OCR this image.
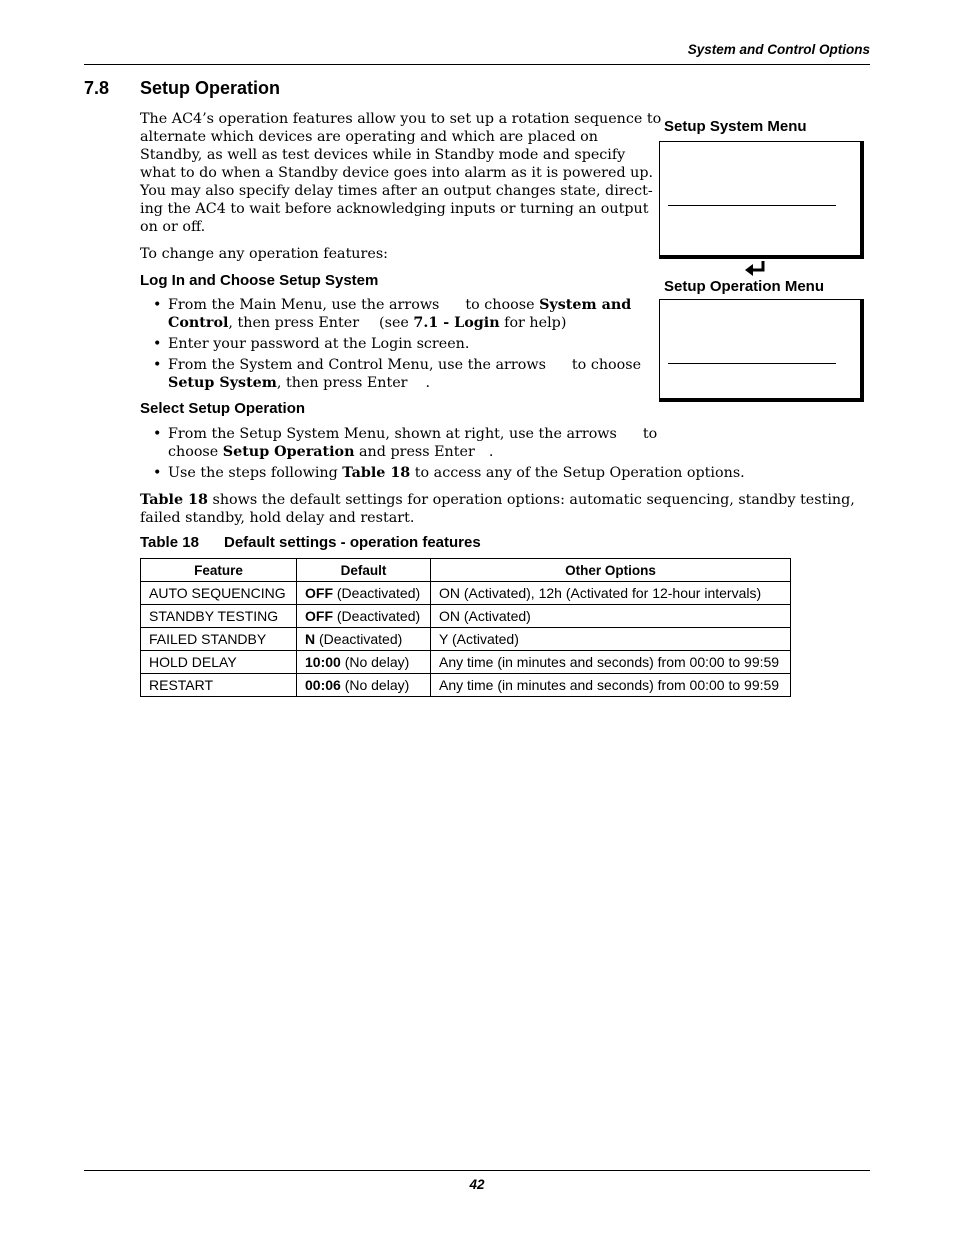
System and Control Options
7.8 Setup Operation
The AC4’s operation features allow you to set up a rotation sequence to
alternate which devices are operating and which are placed on
Standby, as well as test devices while in Standby mode and specify
what to do when a Standby device goes into alarm as it is powered up.
You may also specify delay times after an output changes state, direct-
ing the AC4 to wait before acknowledging inputs or turning an output
on or off.
To change any operation features:
Log In and Choose Setup System
• From the Main Menu, use the arrows to choose System and
Control, then press Enter (see 7.1 - Login for help)
• Enter your password at the Login screen.
• From the System and Control Menu, use the arrows to choose
Setup System, then press Enter .
Select Setup Operation
• From the Setup System Menu, shown at right, use the arrows to
choose Setup Operation and press Enter .
• Use the steps following Table 18 to access any of the Setup Operation options.
Table 18 shows the default settings for operation options: automatic sequencing, standby testing,
failed standby, hold delay and restart.
Table 18 Default settings - operation features
Feature	Default	Other Options
AUTO SEQUENCING	OFF (Deactivated)	ON (Activated), 12h (Activated for 12-hour intervals)
STANDBY TESTING	OFF (Deactivated)	ON (Activated)
FAILED STANDBY	N (Deactivated)	Y (Activated)
HOLD DELAY	10:00 (No delay)	Any time (in minutes and seconds) from 00:00 to 99:59
RESTART	00:06 (No delay)	Any time (in minutes and seconds) from 00:00 to 99:59
Setup System Menu
Setup Operation Menu
42
